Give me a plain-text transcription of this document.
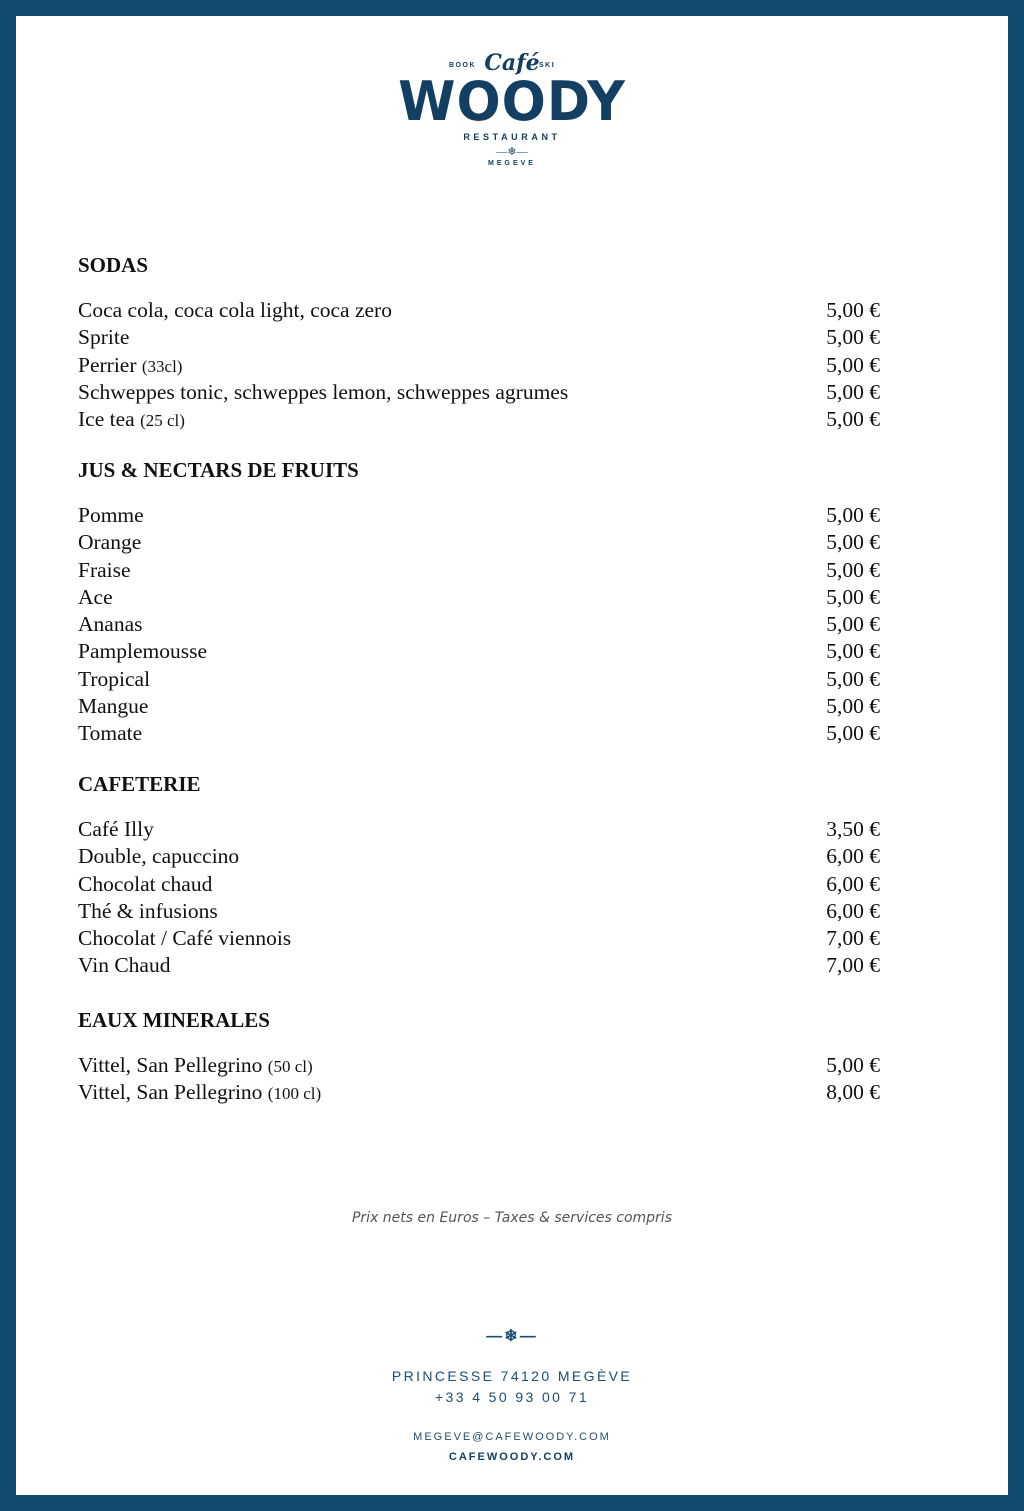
BOOK Café SKI
WOODY
RESTAURANT
—❄—
MEGEVE
SODAS
Coca cola, coca cola light, coca zero	5,00 €
Sprite	5,00 €
Perrier (33cl)	5,00 €
Schweppes tonic, schweppes lemon, schweppes agrumes	5,00 €
Ice tea (25 cl)	5,00 €
JUS & NECTARS DE FRUITS
Pomme	5,00 €
Orange	5,00 €
Fraise	5,00 €
Ace	5,00 €
Ananas	5,00 €
Pamplemousse	5,00 €
Tropical	5,00 €
Mangue	5,00 €
Tomate	5,00 €
CAFETERIE
Café Illy	3,50 €
Double, capuccino	6,00 €
Chocolat chaud	6,00 €
Thé & infusions	6,00 €
Chocolat / Café viennois	7,00 €
Vin Chaud	7,00 €
EAUX MINERALES
Vittel, San Pellegrino (50 cl)	5,00 €
Vittel, San Pellegrino (100 cl)	8,00 €
Prix nets en Euros – Taxes & services compris
—❄—
PRINCESSE 74120 MEGÈVE
+33 4 50 93 00 71
MEGEVE@CAFEWOODY.COM
CAFEWOODY.COM
